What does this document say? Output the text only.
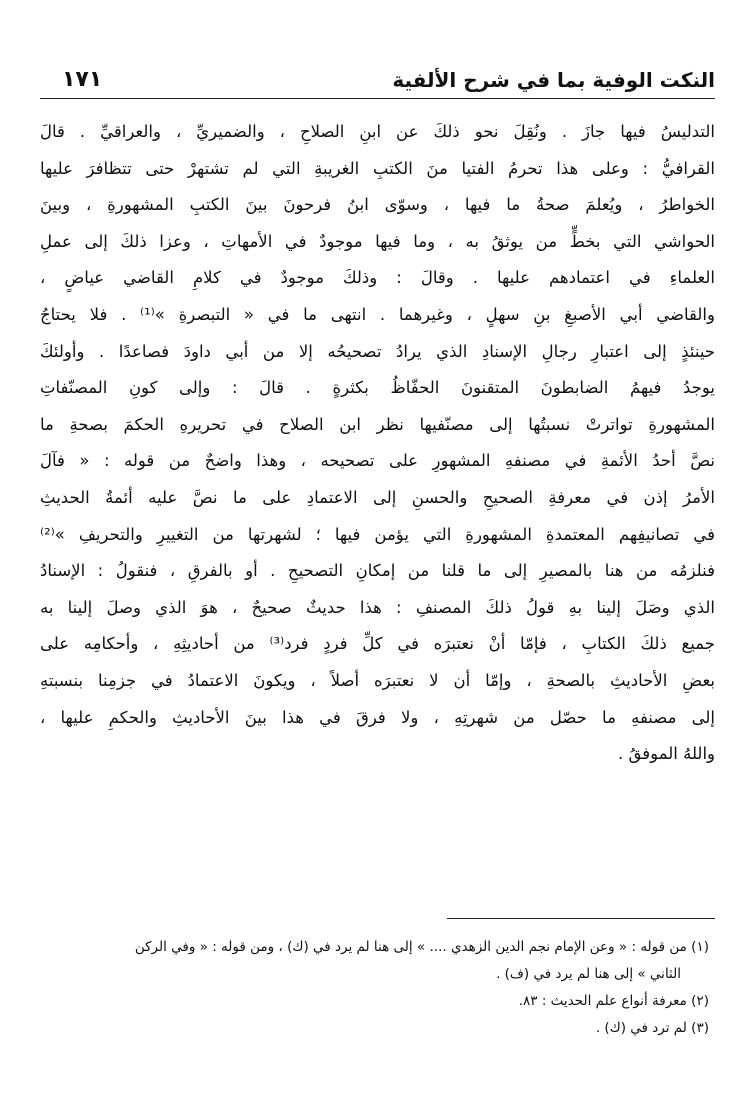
النكت الوفية بما في شرح الألفية
١٧١
التدليسُ فيها جازَ . ونُقِلَ نحو ذلكَ عن ابنِ الصلاحِ ، والضميريِّ ، والعراقيِّ . قالَ
القرافيُّ : وعلى هذا تحرمُ الفتيا منَ الكتبِ الغريبةِ التي لم تشتهرْ حتى تتظافرَ عليها
الخواطرُ ، ويُعلمَ صحةُ ما فيها ، وسوّى ابنُ فرحونَ بينَ الكتبِ المشهورةِ ، وبينَ
الحواشي التي بخطٍّ من يوثقُ به ، وما فيها موجودٌ في الأمهاتِ ، وعزا ذلكَ إلى عملِ
العلماءِ في اعتمادهم عليها . وقالَ : وذلكَ موجودٌ في كلامِ القاضي عياضٍ ،
والقاضي أبي الأصبغِ بنِ سهلٍ ، وغيرهما . انتهى ما في « التبصرةِ »⁽¹⁾ . فلا يحتاجُ
حينئذٍ إلى اعتبارِ رجالِ الإسنادِ الذي يرادُ تصحيحُه إلا من أبي داودَ فصاعدًا . وأولئكَ
يوجدُ فيهمُ الضابطونَ المتقنونَ الحفّاظُ بكثرةٍ . قالَ : وإلى كونِ المصنّفاتِ
المشهورةِ تواترتْ نسبتُها إلى مصنّفيها نظر ابن الصلاح في تحريرهِ الحكمَ بصحةِ ما
نصَّ أحدُ الأئمةِ في مصنفهِ المشهورِ على تصحيحه ، وهذا واضحٌ من قوله : « فآلَ
الأمرُ إذن في معرفةِ الصحيحِ والحسنِ إلى الاعتمادِ على ما نصَّ عليه أئمةُ الحديثِ
في تصانيفِهم المعتمدةِ المشهورةِ التي يؤمن فيها ؛ لشهرتها من التغييرِ والتحريفِ »⁽²⁾
فنلزمُه من هنا بالمصيرِ إلى ما قلنا من إمكانِ التصحيحِ . أو بالفرقِ ، فنقولُ : الإسنادُ
الذي وصَلَ إلينا بهِ قولُ ذلكَ المصنفِ : هذا حديثٌ صحيحٌ ، هوَ الذي وصلَ إلينا به
جميع ذلكَ الكتابِ ، فإمّا أنْ نعتبرَه في كلِّ فردٍ فرد⁽³⁾ من أحاديثِهِ ، وأحكامِه على
بعضِ الأحاديثِ بالصحةِ ، وإمّا أن لا نعتبرَه أصلاً ، ويكونَ الاعتمادُ في جزمِنا بنسبتهِ
إلى مصنفهِ ما حصّل من شهرتِهِ ، ولا فرقَ في هذا بينَ الأحاديثِ والحكمِ عليها ،
واللهُ الموفقُ .
(١) من قوله : « وعن الإمام نجم الدين الزهدي .... » إلى هنا لم يرد في (ك) ، ومن قوله : « وفي الركن
الثاني » إلى هنا لم يرد في (ف) .
(٢) معرفة أنواع علم الحديث : ٨٣.
(٣) لم ترد في (ك) .
